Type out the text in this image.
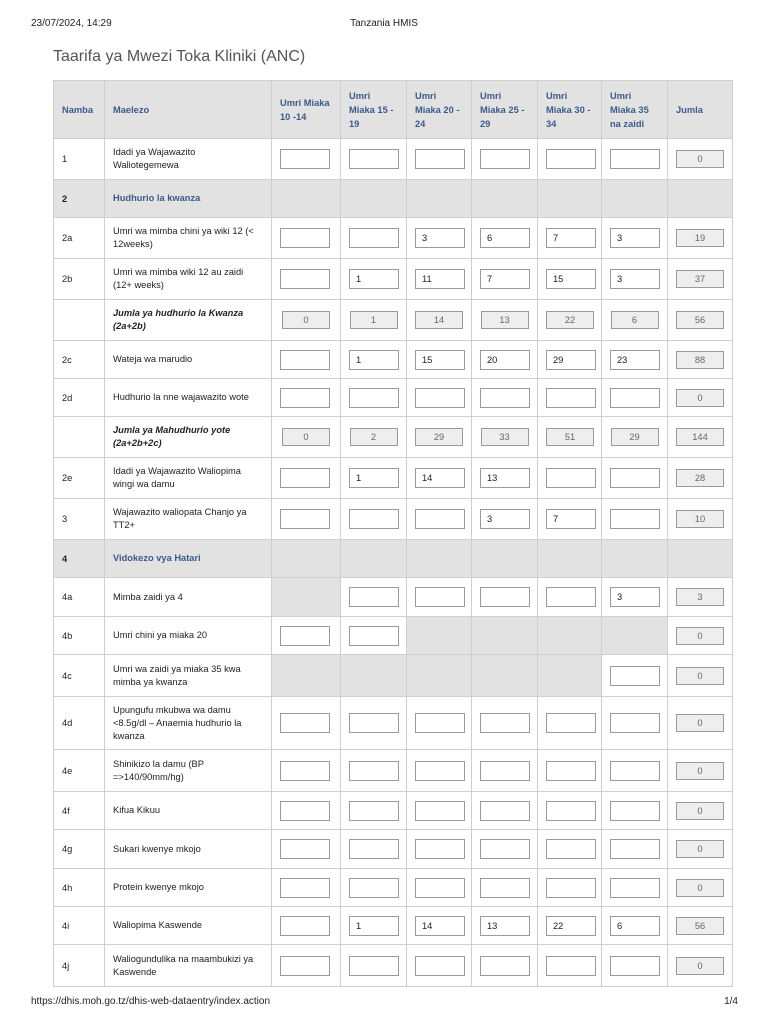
23/07/2024, 14:29	Tanzania HMIS
Taarifa ya Mwezi Toka Kliniki (ANC)
Namba	Maelezo	Umri Miaka 10 -14	Umri Miaka 15 - 19	Umri Miaka 20 - 24	Umri Miaka 25 - 29	Umri Miaka 30 - 34	Umri Miaka 35 na zaidi	Jumla
1	Idadi ya Wajawazito Waliotegemewa							0

2	Hudhurio la kwanza							
2a	Umri wa mimba chini ya wiki 12 (< 12weeks)			3	6	7	3	19

2b	Umri wa mimba wiki 12 au zaidi (12+ weeks)		1	11	7	15	3	37

	Jumla ya hudhurio la Kwanza (2a+2b)	0	1	14	13	22	6	56

2c	Wateja wa marudio		1	15	20	29	23	88

2d	Hudhurio la nne wajawazito wote							0

	Jumla ya Mahudhurio yote (2a+2b+2c)	0	2	29	33	51	29	144

2e	Idadi ya Wajawazito Waliopima wingi wa damu		1	14	13			28

3	Wajawazito waliopata Chanjo ya TT2+				3	7		10

4	Vidokezo vya Hatari							
4a	Mimba zaidi ya 4						3	3

4b	Umri chini ya miaka 20							0

4c	Umri wa zaidi ya miaka 35 kwa mimba ya kwanza							0

4d	Upungufu mkubwa wa damu <8.5g/dl – Anaemia hudhurio la kwanza							0

4e	Shinikizo la damu (BP =>140/90mm/hg)							0

4f	Kifua Kikuu							0

4g	Sukari kwenye mkojo							0

4h	Protein kwenye mkojo							0

4i	Waliopima Kaswende		1	14	13	22	6	56

4j	Waliogundulika na maambukizi ya Kaswende							0
https://dhis.moh.go.tz/dhis-web-dataentry/index.action	1/4
